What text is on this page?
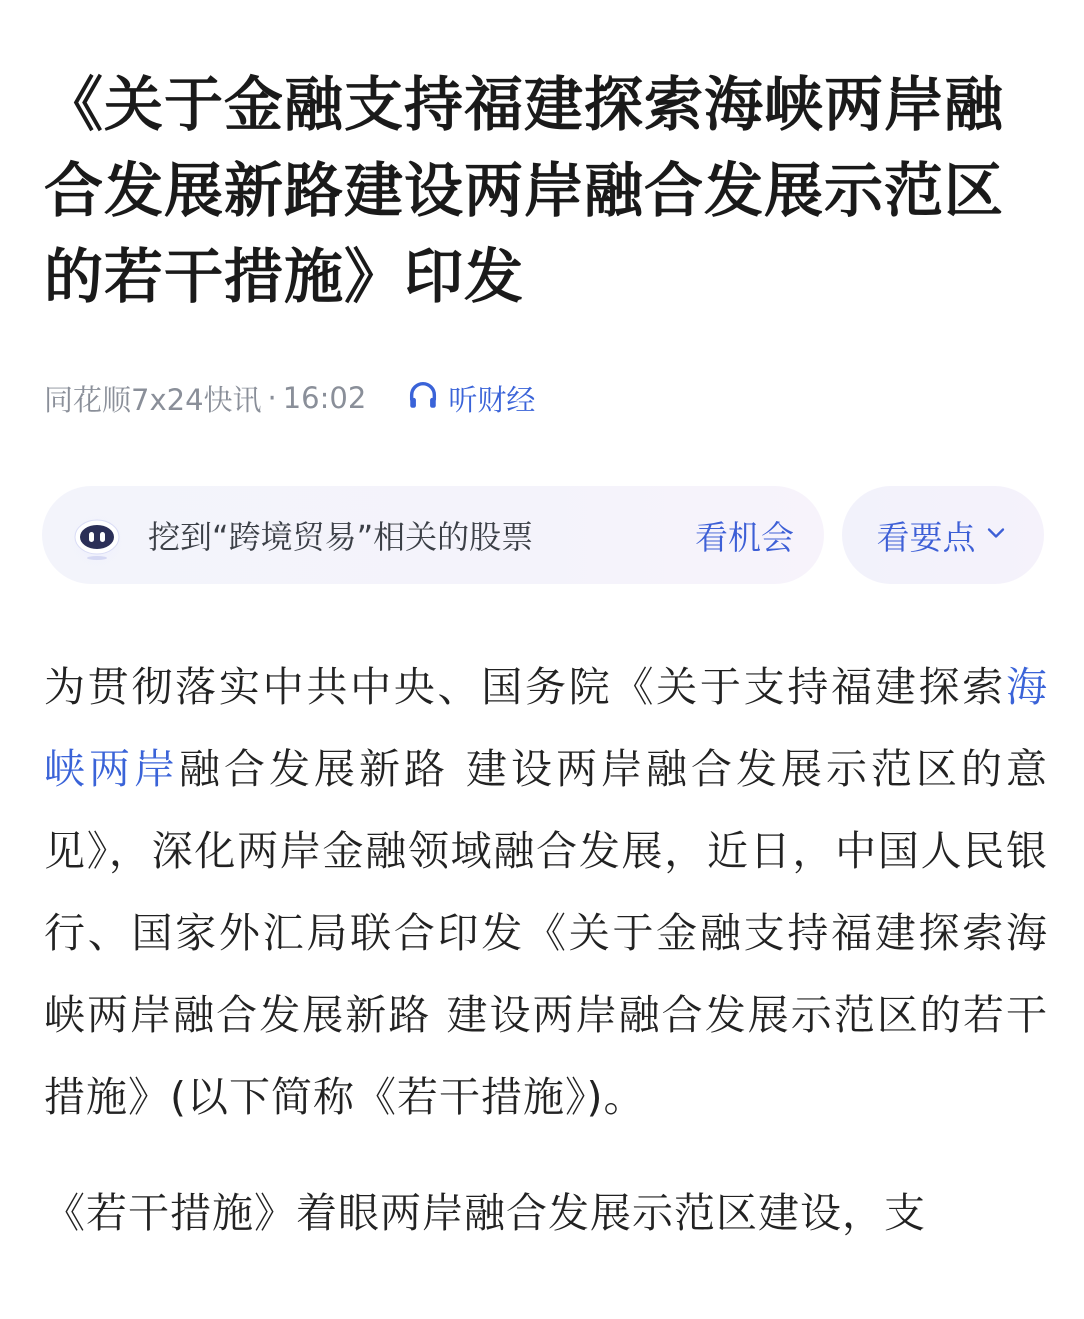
《关于金融支持福建探索海峡两岸融合发展新路建设两岸融合发展示范区的若干措施》印发
同花顺7x24快讯 · 16:02	听财经
挖到“跨境贸易”相关的股票	看机会	看要点

为贯彻落实中共中央、国务院《关于支持福建探索海峡两岸融合发展新路 建设两岸融合发展示范区的意见》，深化两岸金融领域融合发展，近日，中国人民银行、国家外汇局联合印发《关于金融支持福建探索海峡两岸融合发展新路 建设两岸融合发展示范区的若干措施》(以下简称《若干措施》)。

《若干措施》着眼两岸融合发展示范区建设，支
